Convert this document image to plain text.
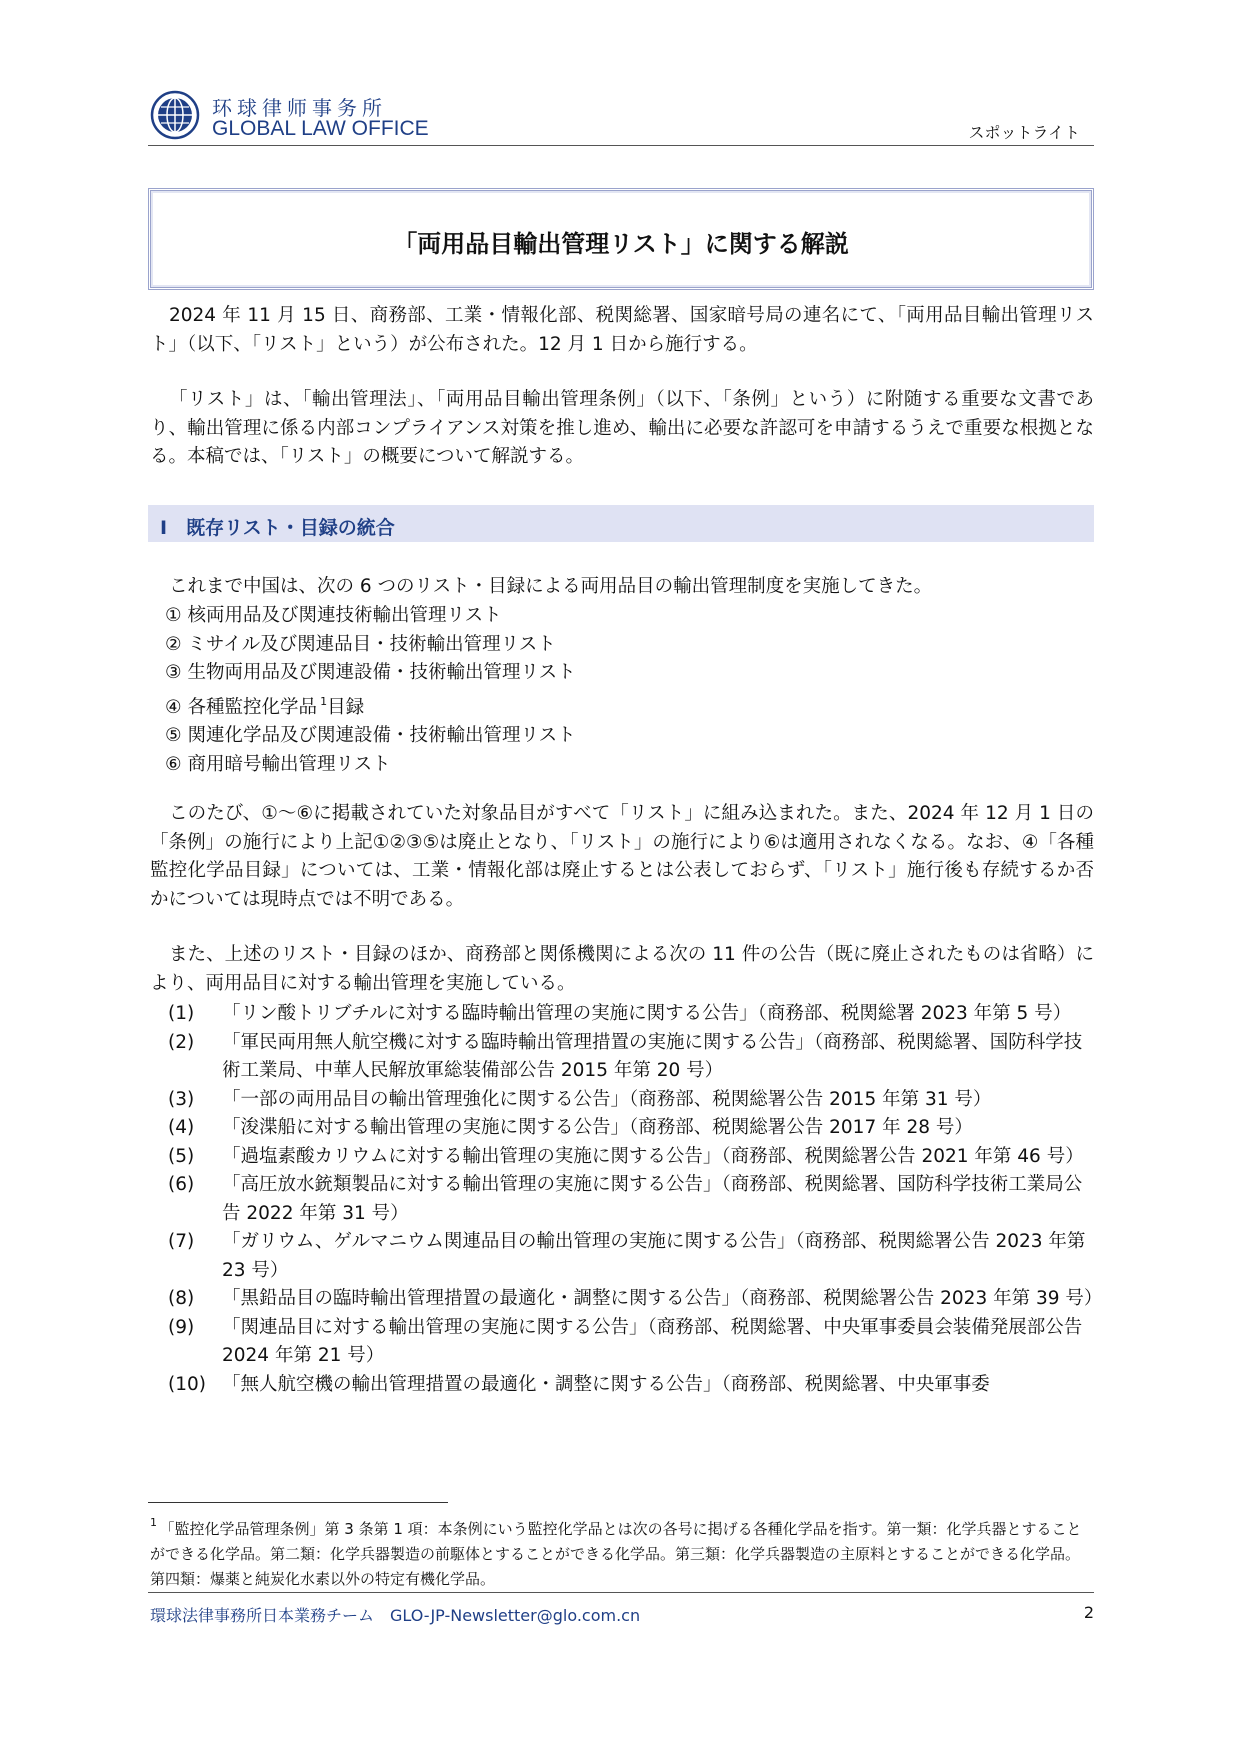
环球律师事务所
GLOBAL LAW OFFICE	スポットライト
「両用品目輸出管理リスト」に関する解説
2024 年 11 月 15 日、商務部、工業・情報化部、税関総署、国家暗号局の連名にて、「両用品目輸出管理リスト」（以下、「リスト」という）が公布された。12 月 1 日から施行する。
「リスト」は、「輸出管理法」、「両用品目輸出管理条例」（以下、「条例」という）に附随する重要な文書であり、輸出管理に係る内部コンプライアンス対策を推し進め、輸出に必要な許認可を申請するうえで重要な根拠となる。本稿では、「リスト」の概要について解説する。
I　既存リスト・目録の統合
これまで中国は、次の 6 つのリスト・目録による両用品目の輸出管理制度を実施してきた。
① 核両用品及び関連技術輸出管理リスト
② ミサイル及び関連品目・技術輸出管理リスト
③ 生物両用品及び関連設備・技術輸出管理リスト
④ 各種監控化学品  $^1$目録
⑤ 関連化学品及び関連設備・技術輸出管理リスト
⑥ 商用暗号輸出管理リスト
このたび、①～⑥に掲載されていた対象品目がすべて「リスト」に組み込まれた。また、2024 年 12 月 1 日の「条例」の施行により上記①②③⑤は廃止となり、「リスト」の施行により⑥は適用されなくなる。なお、④「各種監控化学品目録」については、工業・情報化部は廃止するとは公表しておらず、「リスト」施行後も存続するか否かについては現時点では不明である。
また、上述のリスト・目録のほか、商務部と関係機関による次の 11 件の公告（既に廃止されたものは省略）により、両用品目に対する輸出管理を実施している。
(1)	「リン酸トリブチルに対する臨時輸出管理の実施に関する公告」（商務部、税関総署 2023 年第 5 号）
(2)	「軍民両用無人航空機に対する臨時輸出管理措置の実施に関する公告」（商務部、税関総署、国防科学技術工業局、中華人民解放軍総装備部公告 2015 年第 20 号）
(3)	「一部の両用品目の輸出管理強化に関する公告」（商務部、税関総署公告 2015 年第 31 号）
(4)	「浚渫船に対する輸出管理の実施に関する公告」（商務部、税関総署公告 2017 年 28 号）
(5)	「過塩素酸カリウムに対する輸出管理の実施に関する公告」（商務部、税関総署公告 2021 年第 46 号）
(6)	「高圧放水銃類製品に対する輸出管理の実施に関する公告」（商務部、税関総署、国防科学技術工業局公告 2022 年第 31 号）
(7)	「ガリウム、ゲルマニウム関連品目の輸出管理の実施に関する公告」（商務部、税関総署公告 2023 年第 23 号）
(8)	「黒鉛品目の臨時輸出管理措置の最適化・調整に関する公告」（商務部、税関総署公告 2023 年第 39 号）
(9)	「関連品目に対する輸出管理の実施に関する公告」（商務部、税関総署、中央軍事委員会装備発展部公告 2024 年第 21 号）
(10) 「無人航空機の輸出管理措置の最適化・調整に関する公告」（商務部、税関総署、中央軍事委
$^1$  「監控化学品管理条例」第 3 条第 1 項：本条例にいう監控化学品とは次の各号に掲げる各種化学品を指す。第一類：化学兵器とすることができる化学品。第二類：化学兵器製造の前駆体とすることができる化学品。第三類：化学兵器製造の主原料とすることができる化学品。第四類：爆薬と純炭化水素以外の特定有機化学品。
環球法律事務所日本業務チーム　GLO-JP-Newsletter@glo.com.cn	2
